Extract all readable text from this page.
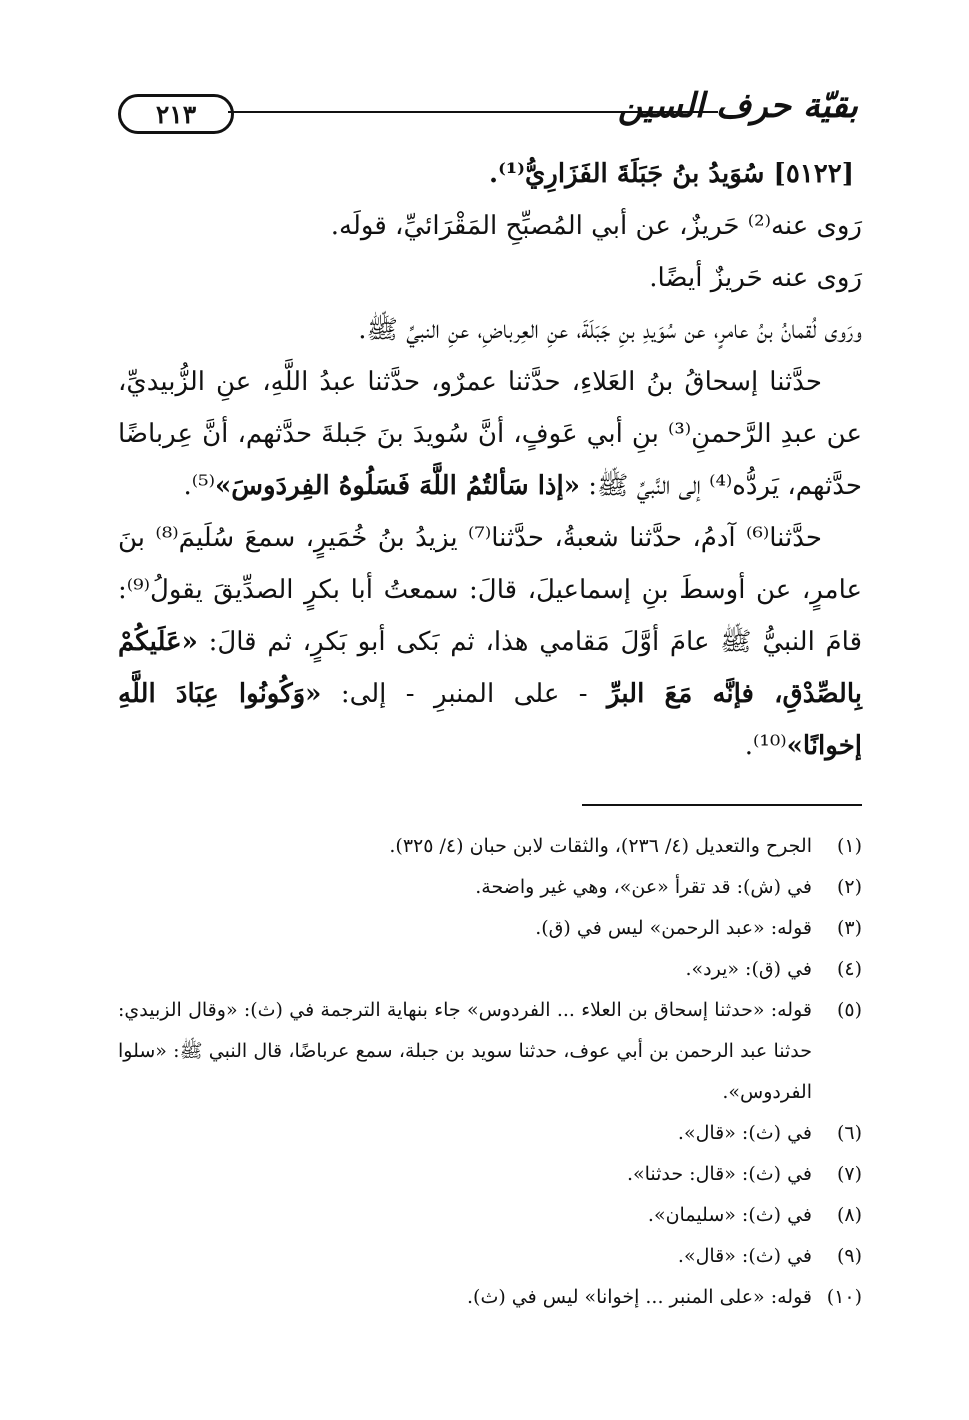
٢١٣	بقيّة حرف السين

[٥١٢٢] سُوَيدُ بنُ جَبَلَةَ الفَزَارِيُّ⁽¹⁾.

رَوى عنه⁽²⁾ حَريزٌ، عن أبي المُصبِّحِ المَقْرَائيِّ، قولَه.

رَوى عنه حَريزٌ أيضًا.

ورَوى لُقمانُ بنُ عامرٍ، عن سُوَيدِ بنِ جَبَلَةَ، عنِ العِرباضِ، عنِ النبيِّ ﷺ.

حدَّثنا إسحاقُ بنُ العَلاءِ، حدَّثنا عمرٌو، حدَّثنا عبدُ اللَّهِ، عنِ الزُّبيديِّ، عن عبدِ الرَّحمنِ⁽³⁾ بنِ أبي عَوفٍ، أنَّ سُويدَ بنَ جَبلةَ حدَّثهم، أنَّ عِرباضًا حدَّثهم، يَردُّه⁽⁴⁾ إلى النَّبيِّ ﷺ: «إذا سَألتُمُ اللَّهَ فَسَلُوهُ الفِردَوسَ»⁽⁵⁾.

حدَّثنا⁽⁶⁾ آدمُ، حدَّثنا شعبةُ، حدَّثنا⁽⁷⁾ يزيدُ بنُ خُمَيرٍ، سمعَ سُلَيمَ⁽⁸⁾ بنَ عامرٍ، عن أوسطَ بنِ إسماعيلَ، قالَ: سمعتُ أبا بكرٍ الصدِّيقَ يقولُ⁽⁹⁾: قامَ النبيُّ ﷺ عامَ أوَّلَ مَقامي هذا، ثم بَكى أبو بَكرٍ، ثم قالَ: «عَلَيكُمْ بِالصِّدْقِ، فإنَّه مَعَ البرِّ - على المنبرِ - إلى: «وَكُونُوا عِبَادَ اللَّهِ إخوانًا»⁽¹⁰⁾.

(١)
الجرح والتعديل (٤/ ٢٣٦)، والثقات لابن حبان (٤/ ٣٢٥).
(٢)
في (ش): قد تقرأ «عن»، وهي غير واضحة.
(٣)
قوله: «عبد الرحمن» ليس في (ق).
(٤)
في (ق): «يرد».
(٥)
قوله: «حدثنا إسحاق بن العلاء ... الفردوس» جاء بنهاية الترجمة في (ث): «وقال الزبيدي: حدثنا عبد الرحمن بن أبي عوف، حدثنا سويد بن جبلة، سمع عرباضًا، قال النبي ﷺ: «سلوا الفردوس».
(٦)
في (ث): «قال».
(٧)
في (ث): «قال: حدثنا».
(٨)
في (ث): «سليمان».
(٩)
في (ث): «قال».
(١٠)
قوله: «على المنبر ... إخوانا» ليس في (ث).
